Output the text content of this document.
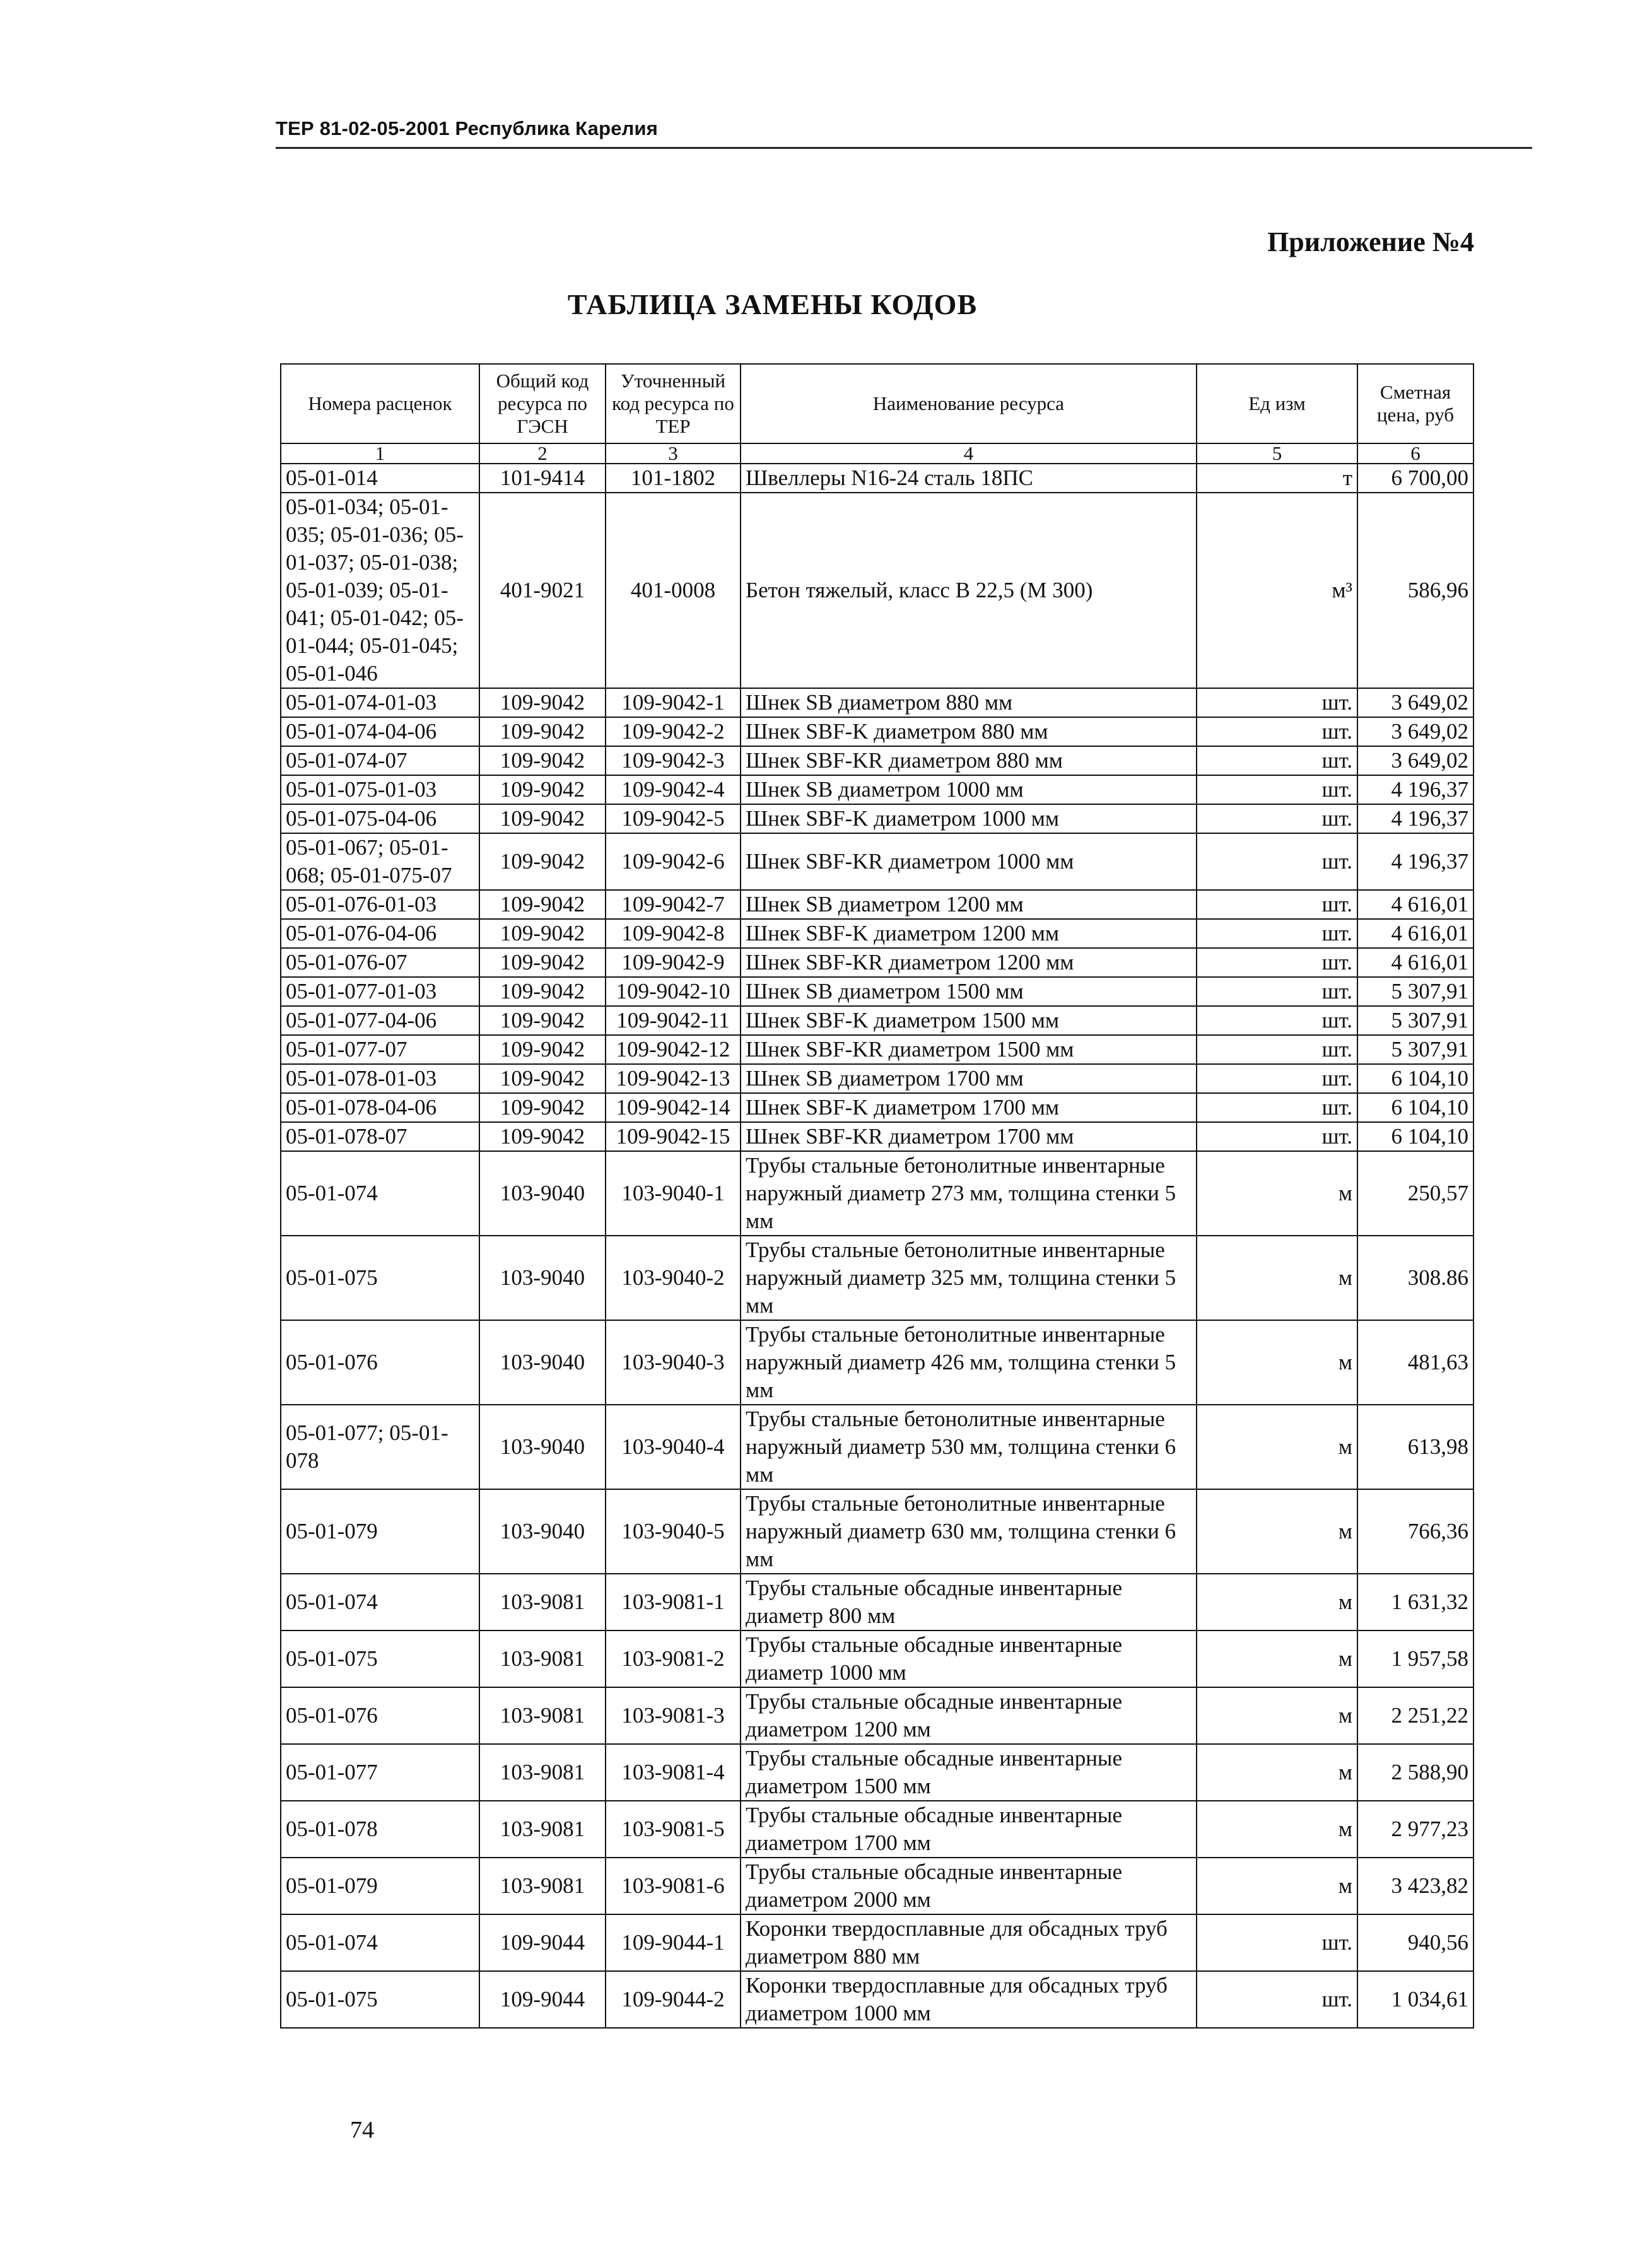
ТЕР 81-02-05-2001 Республика Карелия
Приложение №4
ТАБЛИЦА ЗАМЕНЫ КОДОВ
Номера расценок	Общий код ресурса по ГЭСН	Уточненный код ресурса по ТЕР	Наименование ресурса	Ед изм	Сметная цена, руб
1	2	3	4	5	6
05-01-014	101-9414	101-1802	Швеллеры N16-24 сталь 18ПС	т	6 700,00
05-01-034; 05-01-035; 05-01-036; 05-01-037; 05-01-038; 05-01-039; 05-01-041; 05-01-042; 05-01-044; 05-01-045; 05-01-046	401-9021	401-0008	Бетон тяжелый, класс В 22,5 (М 300)	м³	586,96
05-01-074-01-03	109-9042	109-9042-1	Шнек SB диаметром 880 мм	шт.	3 649,02
05-01-074-04-06	109-9042	109-9042-2	Шнек SBF-K диаметром 880 мм	шт.	3 649,02
05-01-074-07	109-9042	109-9042-3	Шнек SBF-KR диаметром 880 мм	шт.	3 649,02
05-01-075-01-03	109-9042	109-9042-4	Шнек SB диаметром 1000 мм	шт.	4 196,37
05-01-075-04-06	109-9042	109-9042-5	Шнек SBF-K диаметром 1000 мм	шт.	4 196,37
05-01-067; 05-01-068; 05-01-075-07	109-9042	109-9042-6	Шнек SBF-KR диаметром 1000 мм	шт.	4 196,37
05-01-076-01-03	109-9042	109-9042-7	Шнек SB диаметром 1200 мм	шт.	4 616,01
05-01-076-04-06	109-9042	109-9042-8	Шнек SBF-K диаметром 1200 мм	шт.	4 616,01
05-01-076-07	109-9042	109-9042-9	Шнек SBF-KR диаметром 1200 мм	шт.	4 616,01
05-01-077-01-03	109-9042	109-9042-10	Шнек SB диаметром 1500 мм	шт.	5 307,91
05-01-077-04-06	109-9042	109-9042-11	Шнек SBF-K диаметром 1500 мм	шт.	5 307,91
05-01-077-07	109-9042	109-9042-12	Шнек SBF-KR диаметром 1500 мм	шт.	5 307,91
05-01-078-01-03	109-9042	109-9042-13	Шнек SB диаметром 1700 мм	шт.	6 104,10
05-01-078-04-06	109-9042	109-9042-14	Шнек SBF-K диаметром 1700 мм	шт.	6 104,10
05-01-078-07	109-9042	109-9042-15	Шнек SBF-KR диаметром 1700 мм	шт.	6 104,10
05-01-074	103-9040	103-9040-1	Трубы стальные бетонолитные инвентарные наружный диаметр 273 мм, толщина стенки 5 мм	м	250,57
05-01-075	103-9040	103-9040-2	Трубы стальные бетонолитные инвентарные наружный диаметр 325 мм, толщина стенки 5 мм	м	308.86
05-01-076	103-9040	103-9040-3	Трубы стальные бетонолитные инвентарные наружный диаметр 426 мм, толщина стенки 5 мм	м	481,63
05-01-077; 05-01-078	103-9040	103-9040-4	Трубы стальные бетонолитные инвентарные наружный диаметр 530 мм, толщина стенки 6 мм	м	613,98
05-01-079	103-9040	103-9040-5	Трубы стальные бетонолитные инвентарные наружный диаметр 630 мм, толщина стенки 6 мм	м	766,36
05-01-074	103-9081	103-9081-1	Трубы стальные обсадные инвентарные диаметр 800 мм	м	1 631,32
05-01-075	103-9081	103-9081-2	Трубы стальные обсадные инвентарные диаметр 1000 мм	м	1 957,58
05-01-076	103-9081	103-9081-3	Трубы стальные обсадные инвентарные диаметром 1200 мм	м	2 251,22
05-01-077	103-9081	103-9081-4	Трубы стальные обсадные инвентарные диаметром 1500 мм	м	2 588,90
05-01-078	103-9081	103-9081-5	Трубы стальные обсадные инвентарные диаметром 1700 мм	м	2 977,23
05-01-079	103-9081	103-9081-6	Трубы стальные обсадные инвентарные диаметром 2000 мм	м	3 423,82
05-01-074	109-9044	109-9044-1	Коронки твердосплавные для обсадных труб диаметром 880 мм	шт.	940,56
05-01-075	109-9044	109-9044-2	Коронки твердосплавные для обсадных труб диаметром 1000 мм	шт.	1 034,61
74
